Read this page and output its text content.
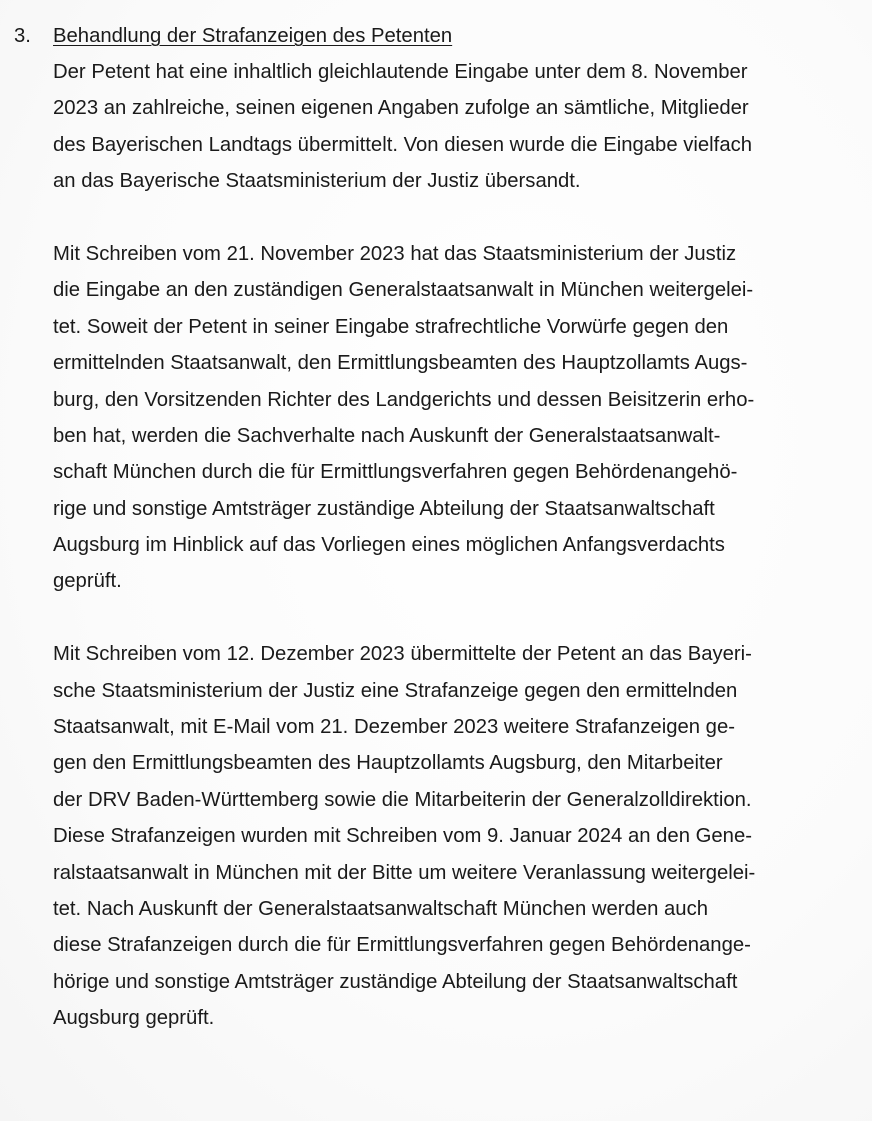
3. Behandlung der Strafanzeigen des Petenten
Der Petent hat eine inhaltlich gleichlautende Eingabe unter dem 8. November
2023 an zahlreiche, seinen eigenen Angaben zufolge an sämtliche, Mitglieder
des Bayerischen Landtags übermittelt. Von diesen wurde die Eingabe vielfach
an das Bayerische Staatsministerium der Justiz übersandt.
Mit Schreiben vom 21. November 2023 hat das Staatsministerium der Justiz
die Eingabe an den zuständigen Generalstaatsanwalt in München weitergelei-
tet. Soweit der Petent in seiner Eingabe strafrechtliche Vorwürfe gegen den
ermittelnden Staatsanwalt, den Ermittlungsbeamten des Hauptzollamts Augs-
burg, den Vorsitzenden Richter des Landgerichts und dessen Beisitzerin erho-
ben hat, werden die Sachverhalte nach Auskunft der Generalstaatsanwalt-
schaft München durch die für Ermittlungsverfahren gegen Behördenangehö-
rige und sonstige Amtsträger zuständige Abteilung der Staatsanwaltschaft
Augsburg im Hinblick auf das Vorliegen eines möglichen Anfangsverdachts
geprüft.
Mit Schreiben vom 12. Dezember 2023 übermittelte der Petent an das Bayeri-
sche Staatsministerium der Justiz eine Strafanzeige gegen den ermittelnden
Staatsanwalt, mit E-Mail vom 21. Dezember 2023 weitere Strafanzeigen ge-
gen den Ermittlungsbeamten des Hauptzollamts Augsburg, den Mitarbeiter
der DRV Baden-Württemberg sowie die Mitarbeiterin der Generalzolldirektion.
Diese Strafanzeigen wurden mit Schreiben vom 9. Januar 2024 an den Gene-
ralstaatsanwalt in München mit der Bitte um weitere Veranlassung weitergelei-
tet. Nach Auskunft der Generalstaatsanwaltschaft München werden auch
diese Strafanzeigen durch die für Ermittlungsverfahren gegen Behördenange-
hörige und sonstige Amtsträger zuständige Abteilung der Staatsanwaltschaft
Augsburg geprüft.
